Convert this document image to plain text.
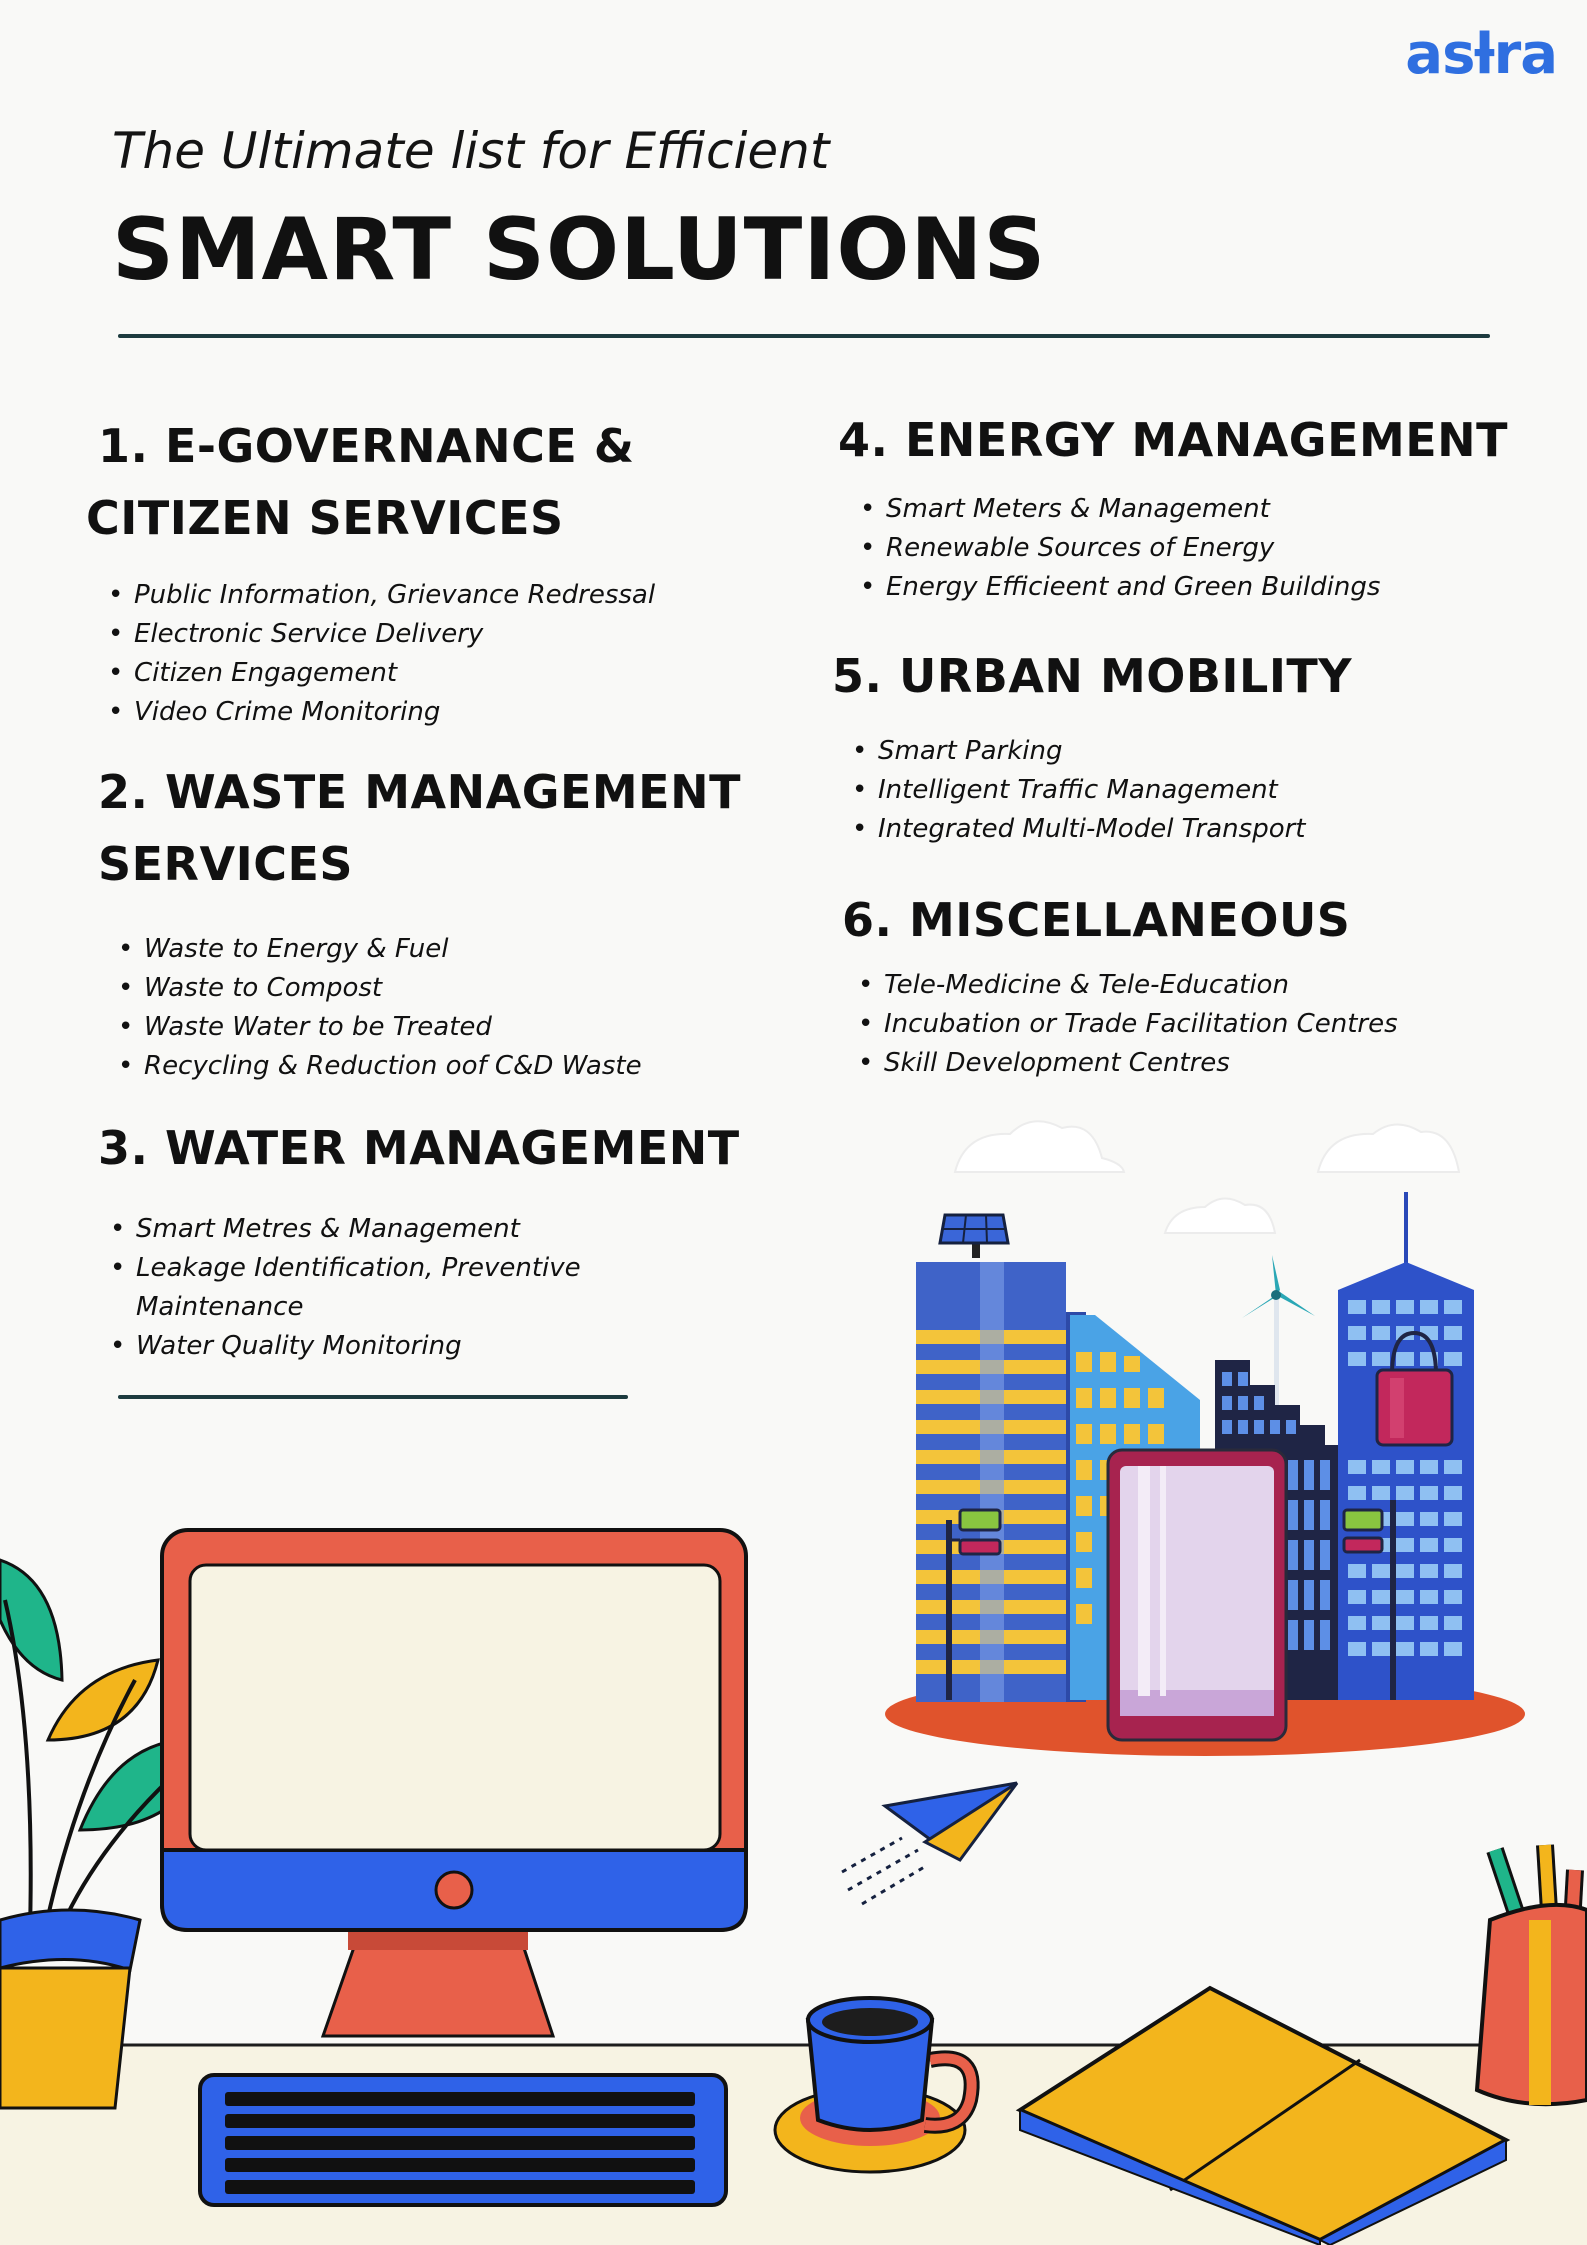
asƚra
The Ultimate list for Efficient
SMART SOLUTIONS
1. E-GOVERNANCE &
CITIZEN SERVICES
• Public Information, Grievance Redressal
• Electronic Service Delivery
• Citizen Engagement
• Video Crime Monitoring
2. WASTE MANAGEMENT
SERVICES
• Waste to Energy & Fuel
• Waste to Compost
• Waste Water to be Treated
• Recycling & Reduction oof C&D Waste
3. WATER MANAGEMENT
• Smart Metres & Management
• Leakage Identification, Preventive
Maintenance
• Water Quality Monitoring
4. ENERGY MANAGEMENT
• Smart Meters & Management
• Renewable Sources of Energy
• Energy Efficieent and Green Buildings
5. URBAN MOBILITY
• Smart Parking
• Intelligent Traffic Management
• Integrated Multi-Model Transport
6. MISCELLANEOUS
• Tele-Medicine & Tele-Education
• Incubation or Trade Facilitation Centres
• Skill Development Centres
